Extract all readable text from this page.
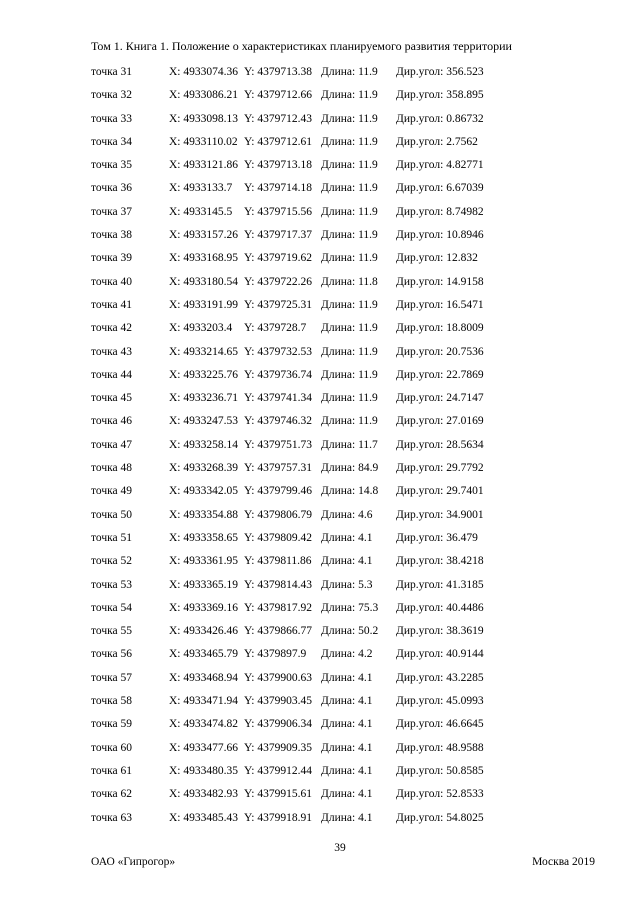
Том 1. Книга 1. Положение о характеристиках планируемого развития территории
точка 31	X: 4933074.36 Y: 4379713.38 Длина: 11.9 Дир.угол: 356.523
точка 32	X: 4933086.21 Y: 4379712.66 Длина: 11.9 Дир.угол: 358.895
точка 33	X: 4933098.13 Y: 4379712.43 Длина: 11.9 Дир.угол: 0.86732
точка 34	X: 4933110.02 Y: 4379712.61 Длина: 11.9 Дир.угол: 2.7562
точка 35	X: 4933121.86 Y: 4379713.18 Длина: 11.9 Дир.угол: 4.82771
точка 36	X: 4933133.7 Y: 4379714.18 Длина: 11.9 Дир.угол: 6.67039
точка 37	X: 4933145.5 Y: 4379715.56 Длина: 11.9 Дир.угол: 8.74982
точка 38	X: 4933157.26 Y: 4379717.37 Длина: 11.9 Дир.угол: 10.8946
точка 39	X: 4933168.95 Y: 4379719.62 Длина: 11.9 Дир.угол: 12.832
точка 40	X: 4933180.54 Y: 4379722.26 Длина: 11.8 Дир.угол: 14.9158
точка 41	X: 4933191.99 Y: 4379725.31 Длина: 11.9 Дир.угол: 16.5471
точка 42	X: 4933203.4 Y: 4379728.7 Длина: 11.9 Дир.угол: 18.8009
точка 43	X: 4933214.65 Y: 4379732.53 Длина: 11.9 Дир.угол: 20.7536
точка 44	X: 4933225.76 Y: 4379736.74 Длина: 11.9 Дир.угол: 22.7869
точка 45	X: 4933236.71 Y: 4379741.34 Длина: 11.9 Дир.угол: 24.7147
точка 46	X: 4933247.53 Y: 4379746.32 Длина: 11.9 Дир.угол: 27.0169
точка 47	X: 4933258.14 Y: 4379751.73 Длина: 11.7 Дир.угол: 28.5634
точка 48	X: 4933268.39 Y: 4379757.31 Длина: 84.9 Дир.угол: 29.7792
точка 49	X: 4933342.05 Y: 4379799.46 Длина: 14.8 Дир.угол: 29.7401
точка 50	X: 4933354.88 Y: 4379806.79 Длина: 4.6 Дир.угол: 34.9001
точка 51	X: 4933358.65 Y: 4379809.42 Длина: 4.1 Дир.угол: 36.479
точка 52	X: 4933361.95 Y: 4379811.86 Длина: 4.1 Дир.угол: 38.4218
точка 53	X: 4933365.19 Y: 4379814.43 Длина: 5.3 Дир.угол: 41.3185
точка 54	X: 4933369.16 Y: 4379817.92 Длина: 75.3 Дир.угол: 40.4486
точка 55	X: 4933426.46 Y: 4379866.77 Длина: 50.2 Дир.угол: 38.3619
точка 56	X: 4933465.79 Y: 4379897.9 Длина: 4.2 Дир.угол: 40.9144
точка 57	X: 4933468.94 Y: 4379900.63 Длина: 4.1 Дир.угол: 43.2285
точка 58	X: 4933471.94 Y: 4379903.45 Длина: 4.1 Дир.угол: 45.0993
точка 59	X: 4933474.82 Y: 4379906.34 Длина: 4.1 Дир.угол: 46.6645
точка 60	X: 4933477.66 Y: 4379909.35 Длина: 4.1 Дир.угол: 48.9588
точка 61	X: 4933480.35 Y: 4379912.44 Длина: 4.1 Дир.угол: 50.8585
точка 62	X: 4933482.93 Y: 4379915.61 Длина: 4.1 Дир.угол: 52.8533
точка 63	X: 4933485.43 Y: 4379918.91 Длина: 4.1 Дир.угол: 54.8025
39
ОАО «Гипрогор»	Москва 2019
